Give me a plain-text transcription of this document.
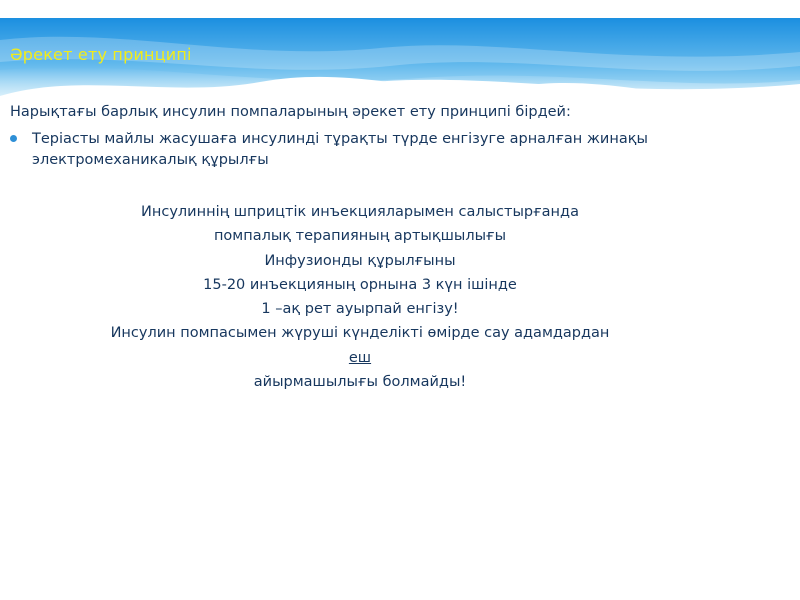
Әрекет ету принципі
Нарықтағы барлық инсулин помпаларының әрекет ету принципі бірдей:
Теріасты майлы жасушаға инсулинді тұрақты түрде енгізуге арналған жинақы электромеханикалық құрылғы
Инсулиннің шприцтік инъекцияларымен салыстырғанда
помпалық терапияның артықшылығы
Инфузионды құрылғыны
15-20 инъекцияның орнына 3 күн ішінде
1 –ақ рет ауырпай енгізу!
Инсулин помпасымен жүруші күнделікті өмірде сау адамдардан
еш
айырмашылығы болмайды!
